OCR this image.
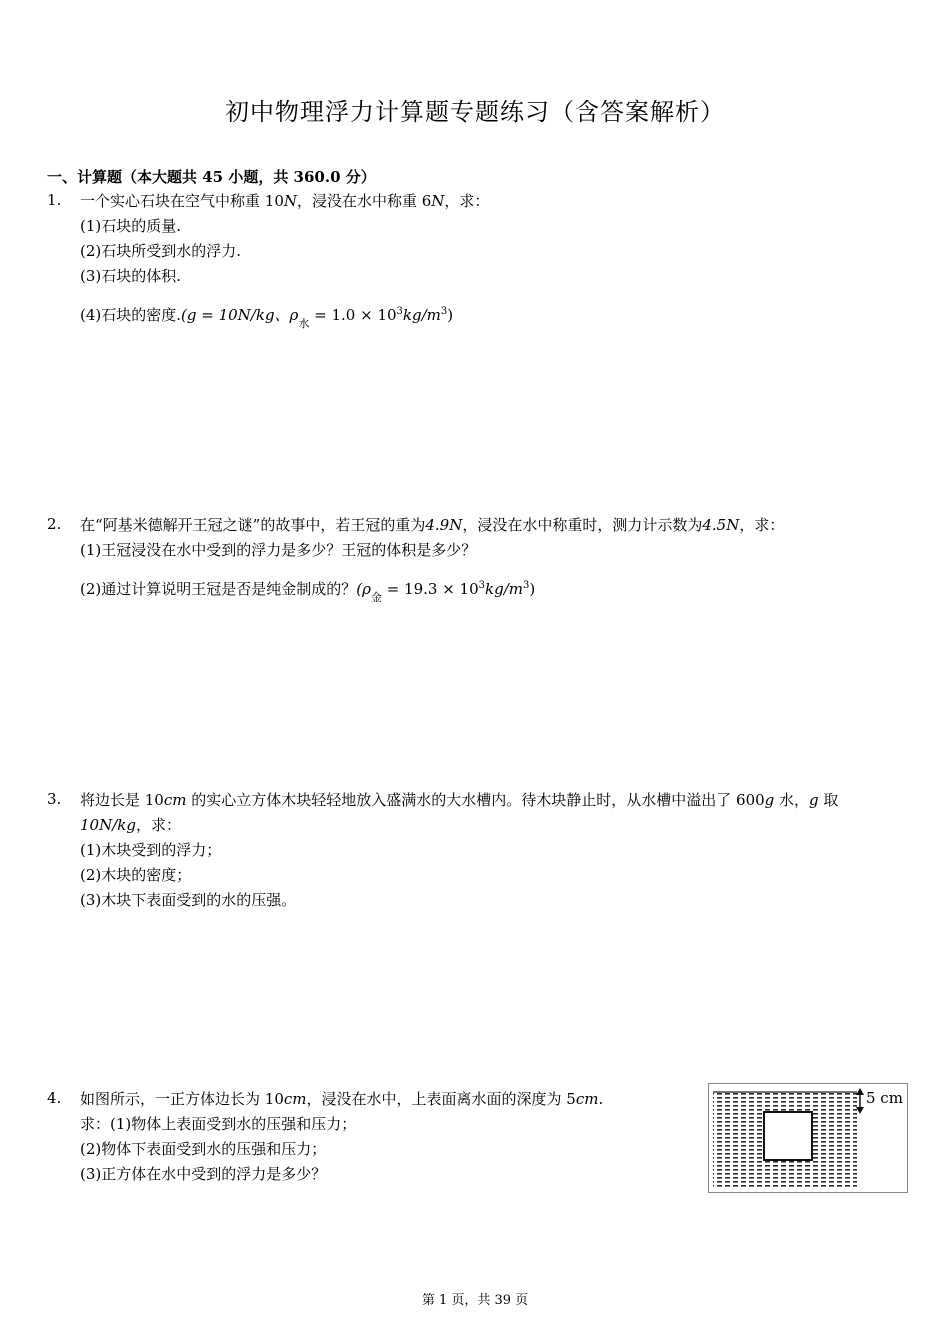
初中物理浮力计算题专题练习（含答案解析）
一、计算题（本大题共 45 小题，共 360.0 分）
1. 一个实心石块在空气中称重 10N，浸没在水中称重 6N，求：
(1)石块的质量.
(2)石块所受到水的浮力.
(3)石块的体积.
(4)石块的密度.(g = 10N/kg、$\rho_水 = 1.0 \times 10^3kg/m^3$)
2. 在“阿基米德解开王冠之谜”的故事中，若王冠的重为4.9N，浸没在水中称重时，测力计示数为4.5N，求：
(1)王冠浸没在水中受到的浮力是多少？王冠的体积是多少？
(2)通过计算说明王冠是否是纯金制成的？$(\rho_金 = 19.3 \times 10^3kg/m^3)$
3. 将边长是 10cm 的实心立方体木块轻轻地放入盛满水的大水槽内。待木块静止时，从水槽中溢出了 600g 水，g 取
10N/kg，求：
(1)木块受到的浮力；
(2)木块的密度；
(3)木块下表面受到的水的压强。
4. 如图所示，一正方体边长为 10cm，浸没在水中，上表面离水面的深度为 5cm.
求：(1)物体上表面受到水的压强和压力；
(2)物体下表面受到水的压强和压力；
(3)正方体在水中受到的浮力是多少？
5 cm
第 1 页，共 39 页
